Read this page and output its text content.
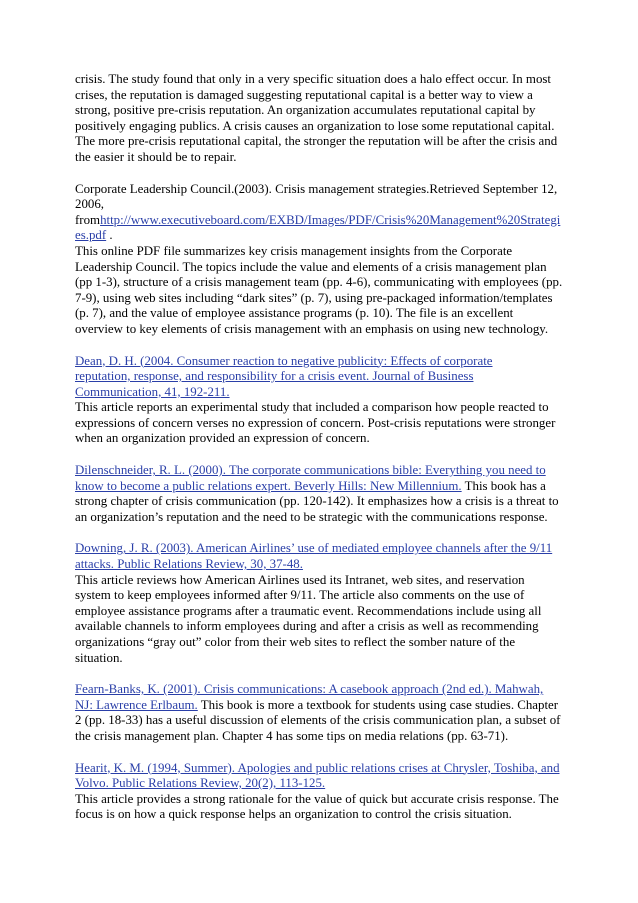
crisis. The study found that only in a very specific situation does a halo effect occur. In most
crises, the reputation is damaged suggesting reputational capital is a better way to view a
strong, positive pre-crisis reputation. An organization accumulates reputational capital by
positively engaging publics. A crisis causes an organization to lose some reputational capital.
The more pre-crisis reputational capital, the stronger the reputation will be after the crisis and
the easier it should be to repair.

Corporate Leadership Council.(2003). Crisis management strategies.Retrieved September 12,
2006,
fromhttp://www.executiveboard.com/EXBD/Images/PDF/Crisis%20Management%20Strategi
es.pdf .
This online PDF file summarizes key crisis management insights from the Corporate
Leadership Council. The topics include the value and elements of a crisis management plan
(pp 1-3), structure of a crisis management team (pp. 4-6), communicating with employees (pp.
7-9), using web sites including “dark sites” (p. 7), using pre-packaged information/templates
(p. 7), and the value of employee assistance programs (p. 10). The file is an excellent
overview to key elements of crisis management with an emphasis on using new technology.

Dean, D. H. (2004. Consumer reaction to negative publicity: Effects of corporate
reputation, response, and responsibility for a crisis event. Journal of Business
Communication, 41, 192-211.
This article reports an experimental study that included a comparison how people reacted to
expressions of concern verses no expression of concern. Post-crisis reputations were stronger
when an organization provided an expression of concern.

Dilenschneider, R. L. (2000). The corporate communications bible: Everything you need to
know to become a public relations expert. Beverly Hills: New Millennium. This book has a
strong chapter of crisis communication (pp. 120-142). It emphasizes how a crisis is a threat to
an organization’s reputation and the need to be strategic with the communications response.

Downing, J. R. (2003). American Airlines’ use of mediated employee channels after the 9/11
attacks. Public Relations Review, 30, 37-48.
This article reviews how American Airlines used its Intranet, web sites, and reservation
system to keep employees informed after 9/11. The article also comments on the use of
employee assistance programs after a traumatic event. Recommendations include using all
available channels to inform employees during and after a crisis as well as recommending
organizations “gray out” color from their web sites to reflect the somber nature of the
situation.

Fearn-Banks, K. (2001). Crisis communications: A casebook approach (2nd ed.). Mahwah,
NJ: Lawrence Erlbaum. This book is more a textbook for students using case studies. Chapter
2 (pp. 18-33) has a useful discussion of elements of the crisis communication plan, a subset of
the crisis management plan. Chapter 4 has some tips on media relations (pp. 63-71).

Hearit, K. M. (1994, Summer). Apologies and public relations crises at Chrysler, Toshiba, and
Volvo. Public Relations Review, 20(2), 113-125.
This article provides a strong rationale for the value of quick but accurate crisis response. The
focus is on how a quick response helps an organization to control the crisis situation.
